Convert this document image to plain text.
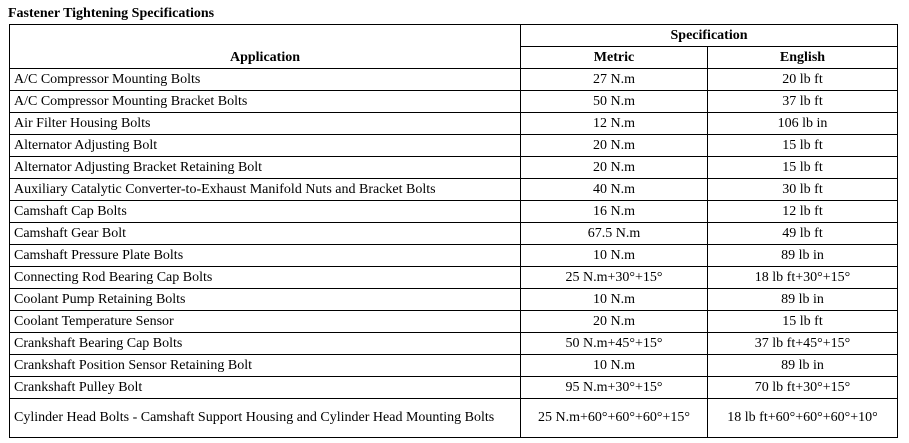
Fastener Tightening Specifications
Application	Specification	
	Metric	English
A/C Compressor Mounting Bolts	27 N.m	20 lb ft
A/C Compressor Mounting Bracket Bolts	50 N.m	37 lb ft
Air Filter Housing Bolts	12 N.m	106 lb in
Alternator Adjusting Bolt	20 N.m	15 lb ft
Alternator Adjusting Bracket Retaining Bolt	20 N.m	15 lb ft
Auxiliary Catalytic Converter-to-Exhaust Manifold Nuts and Bracket Bolts	40 N.m	30 lb ft
Camshaft Cap Bolts	16 N.m	12 lb ft
Camshaft Gear Bolt	67.5 N.m	49 lb ft
Camshaft Pressure Plate Bolts	10 N.m	89 lb in
Connecting Rod Bearing Cap Bolts	25 N.m+30°+15°	18 lb ft+30°+15°
Coolant Pump Retaining Bolts	10 N.m	89 lb in
Coolant Temperature Sensor	20 N.m	15 lb ft
Crankshaft Bearing Cap Bolts	50 N.m+45°+15°	37 lb ft+45°+15°
Crankshaft Position Sensor Retaining Bolt	10 N.m	89 lb in
Crankshaft Pulley Bolt	95 N.m+30°+15°	70 lb ft+30°+15°
Cylinder Head Bolts - Camshaft Support Housing and Cylinder Head Mounting Bolts	25 N.m+60°+60°+60°+15°	18 lb ft+60°+60°+60°+10°
